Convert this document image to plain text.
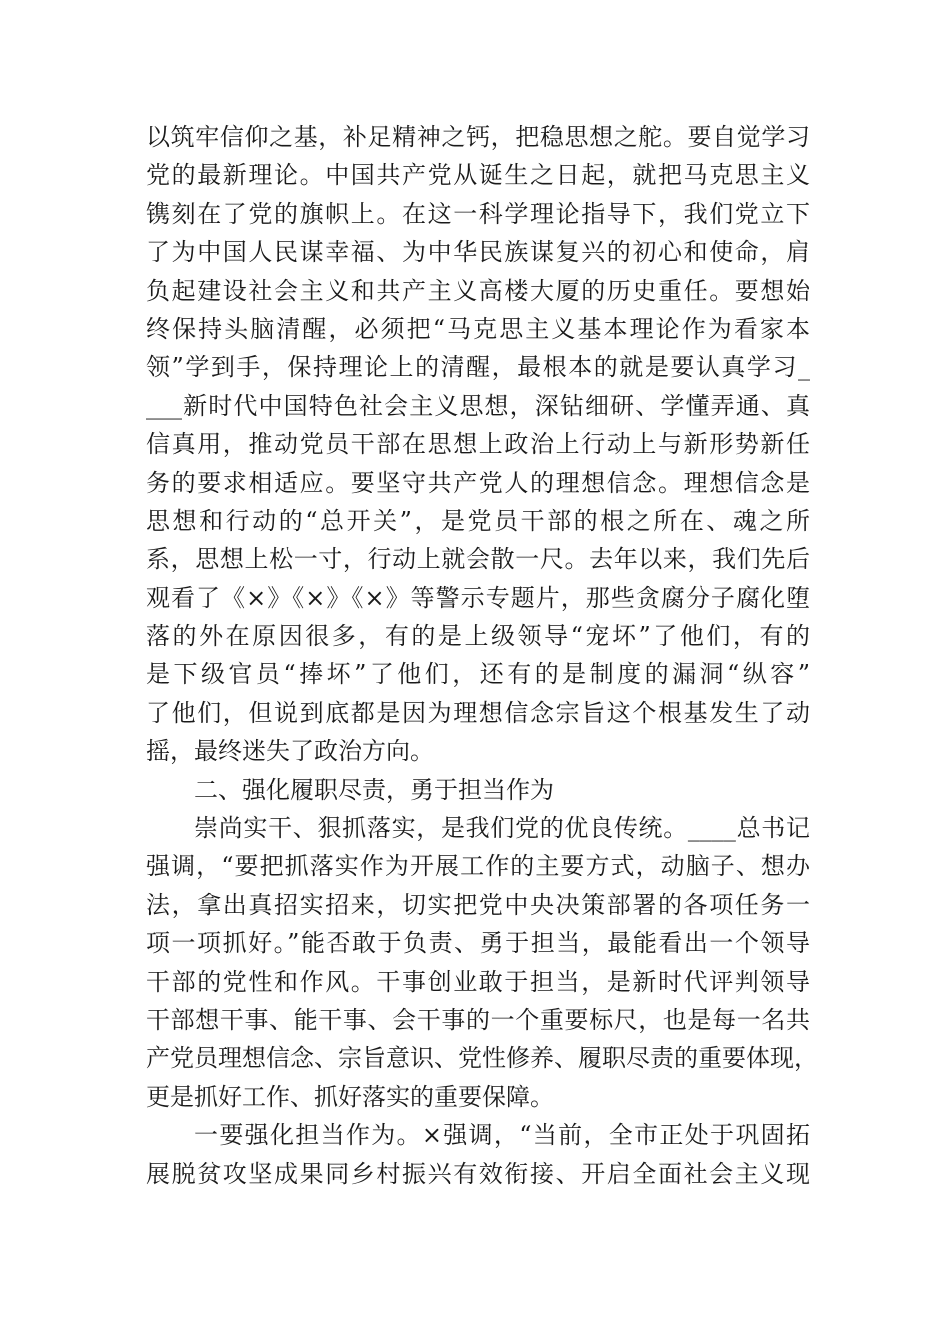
以筑牢信仰之基，补足精神之钙，把稳思想之舵。要自觉学习
党的最新理论。中国共产党从诞生之日起，就把马克思主义
镌刻在了党的旗帜上。在这一科学理论指导下，我们党立下
了为中国人民谋幸福、为中华民族谋复兴的初心和使命，肩
负起建设社会主义和共产主义高楼大厦的历史重任。要想始
终保持头脑清醒，必须把“马克思主义基本理论作为看家本
领”学到手，保持理论上的清醒，最根本的就是要认真学习_
___新时代中国特色社会主义思想，深钻细研、学懂弄通、真
信真用，推动党员干部在思想上政治上行动上与新形势新任
务的要求相适应。要坚守共产党人的理想信念。理想信念是
思想和行动的“总开关”，是党员干部的根之所在、魂之所
系，思想上松一寸，行动上就会散一尺。去年以来，我们先后
观看了《×》《×》《×》等警示专题片，那些贪腐分子腐化堕
落的外在原因很多，有的是上级领导“宠坏”了他们，有的
是下级官员“捧坏”了他们，还有的是制度的漏洞“纵容”
了他们，但说到底都是因为理想信念宗旨这个根基发生了动
摇，最终迷失了政治方向。
二、强化履职尽责，勇于担当作为
崇尚实干、狠抓落实，是我们党的优良传统。____总书记
强调，“要把抓落实作为开展工作的主要方式，动脑子、想办
法，拿出真招实招来，切实把党中央决策部署的各项任务一
项一项抓好。”能否敢于负责、勇于担当，最能看出一个领导
干部的党性和作风。干事创业敢于担当，是新时代评判领导
干部想干事、能干事、会干事的一个重要标尺，也是每一名共
产党员理想信念、宗旨意识、党性修养、履职尽责的重要体现，
更是抓好工作、抓好落实的重要保障。
一要强化担当作为。×强调，“当前，全市正处于巩固拓
展脱贫攻坚成果同乡村振兴有效衔接、开启全面社会主义现
